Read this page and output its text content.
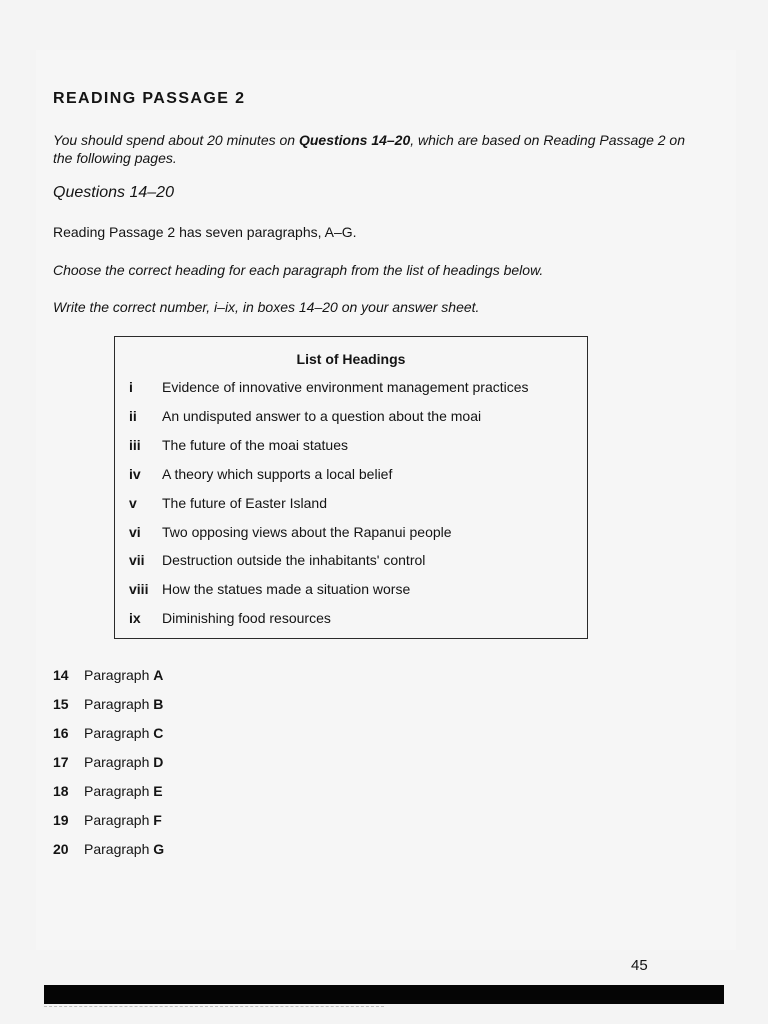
READING PASSAGE 2

You should spend about 20 minutes on Questions 14–20, which are based on Reading Passage 2 on the following pages.

Questions 14–20

Reading Passage 2 has seven paragraphs, A–G.

Choose the correct heading for each paragraph from the list of headings below.

Write the correct number, i–ix, in boxes 14–20 on your answer sheet.

List of Headings
i Evidence of innovative environment management practices
ii An undisputed answer to a question about the moai
iii The future of the moai statues
iv A theory which supports a local belief
v The future of Easter Island
vi Two opposing views about the Rapanui people
vii Destruction outside the inhabitants' control
viii How the statues made a situation worse
ix Diminishing food resources
14 Paragraph A
15 Paragraph B
16 Paragraph C
17 Paragraph D
18 Paragraph E
19 Paragraph F
20 Paragraph G
45
